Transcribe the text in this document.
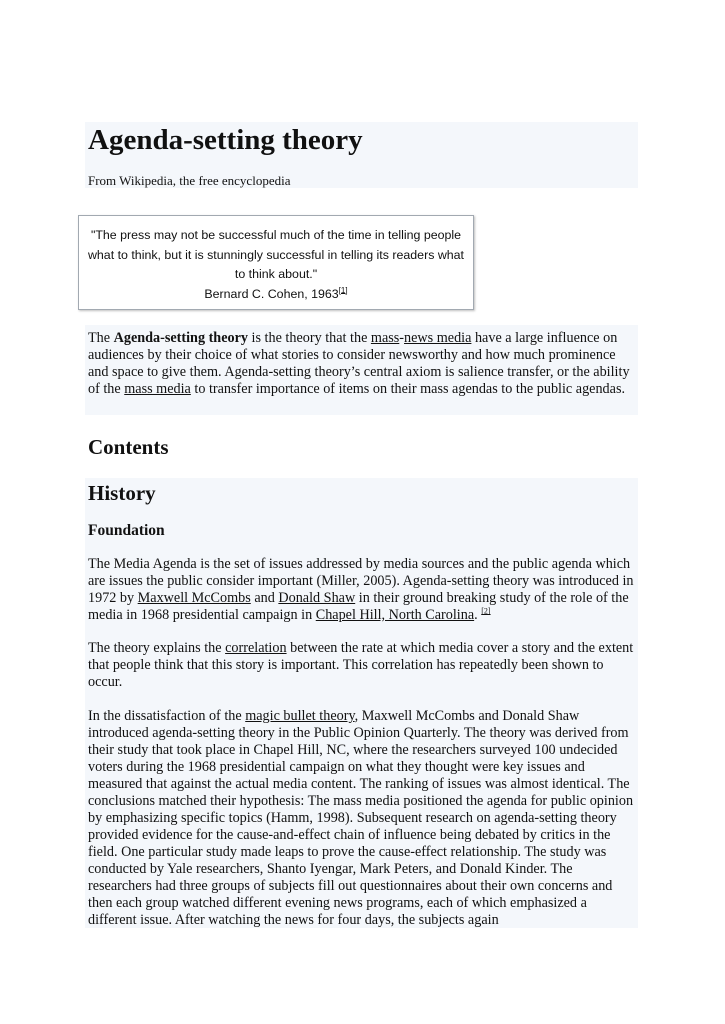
Agenda-setting theory

From Wikipedia, the free encyclopedia

"The press may not be successful much of the time in telling people what to think, but it is stunningly successful in telling its readers what to think about."

Bernard C. Cohen, 1963[1]

The Agenda-setting theory is the theory that the mass-news media have a large influence on audiences by their choice of what stories to consider newsworthy and how much prominence and space to give them. Agenda-setting theory’s central axiom is salience transfer, or the ability of the mass media to transfer importance of items on their mass agendas to the public agendas.

Contents
History
Foundation

The Media Agenda is the set of issues addressed by media sources and the public agenda which are issues the public consider important (Miller, 2005). Agenda-setting theory was introduced in 1972 by Maxwell McCombs and Donald Shaw in their ground breaking study of the role of the media in 1968 presidential campaign in Chapel Hill, North Carolina. [2]

The theory explains the correlation between the rate at which media cover a story and the extent that people think that this story is important. This correlation has repeatedly been shown to occur.

In the dissatisfaction of the magic bullet theory, Maxwell McCombs and Donald Shaw introduced agenda-setting theory in the Public Opinion Quarterly. The theory was derived from their study that took place in Chapel Hill, NC, where the researchers surveyed 100 undecided voters during the 1968 presidential campaign on what they thought were key issues and measured that against the actual media content. The ranking of issues was almost identical. The conclusions matched their hypothesis: The mass media positioned the agenda for public opinion by emphasizing specific topics (Hamm, 1998). Subsequent research on agenda-setting theory provided evidence for the cause-and-effect chain of influence being debated by critics in the field. One particular study made leaps to prove the cause-effect relationship. The study was conducted by Yale researchers, Shanto Iyengar, Mark Peters, and Donald Kinder. The researchers had three groups of subjects fill out questionnaires about their own concerns and then each group watched different evening news programs, each of which emphasized a different issue. After watching the news for four days, the subjects again
